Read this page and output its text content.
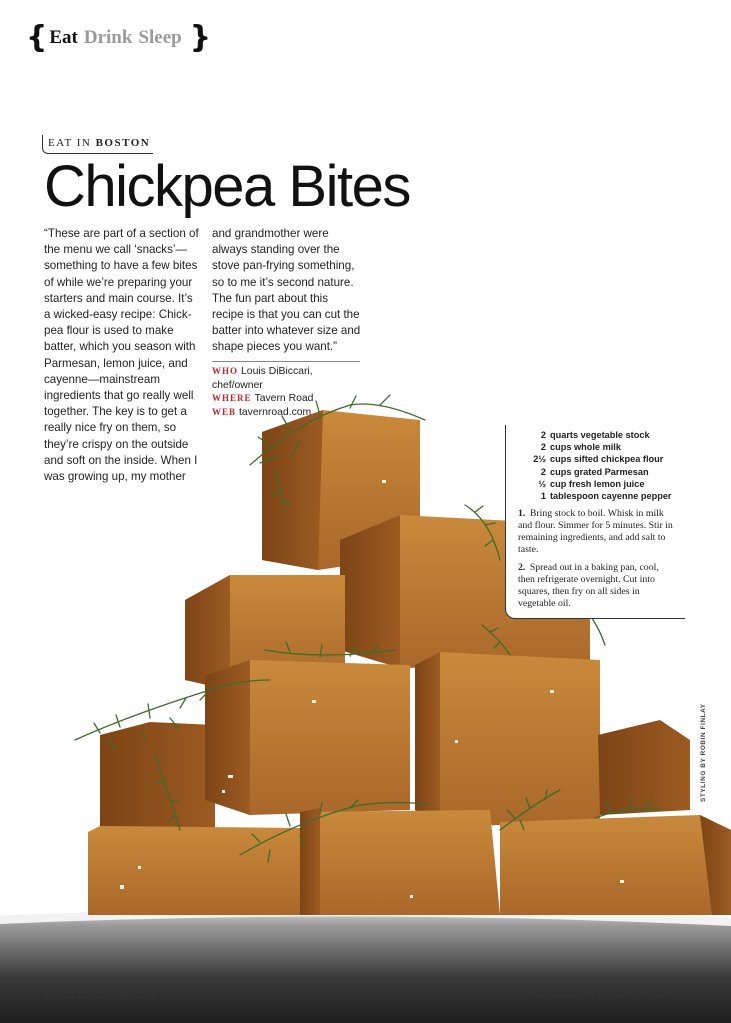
{ Eat Drink Sleep }
EAT IN BOSTON
Chickpea Bites
“These are part of a section of the menu we call ‘snacks’—something to have a few bites of while we’re preparing your starters and main course. It’s a wicked-easy recipe: Chick-pea flour is used to make batter, which you season with Parmesan, lemon juice, and cayenne—mainstream ingredients that go really well together. The key is to get a really nice fry on them, so they’re crispy on the outside and soft on the inside. When I was growing up, my mother
and grandmother were always standing over the stove pan-frying something, so to me it’s second nature. The fun part about this recipe is that you can cut the batter into whatever size and shape pieces you want.”
WHO Louis DiBiccari, chef/owner
WHERE Tavern Road
WEB tavernroad.com
2 quarts vegetable stock
2 cups whole milk
2½ cups sifted chickpea flour
2 cups grated Parmesan
½ cup fresh lemon juice
1 tablespoon cayenne pepper
1. Bring stock to boil. Whisk in milk and flour. Simmer for 5 minutes. Stir in remaining ingredients, and add salt to taste.
2. Spread out in a baking pan, cool, then refrigerate overnight. Cut into squares, then fry on all sides in vegetable oil.
STYLING BY ROBIN FINLAY
36 SPIRIT DECEMBER 2013	PHOTOGRAPHY BY ADAM VOORHES
